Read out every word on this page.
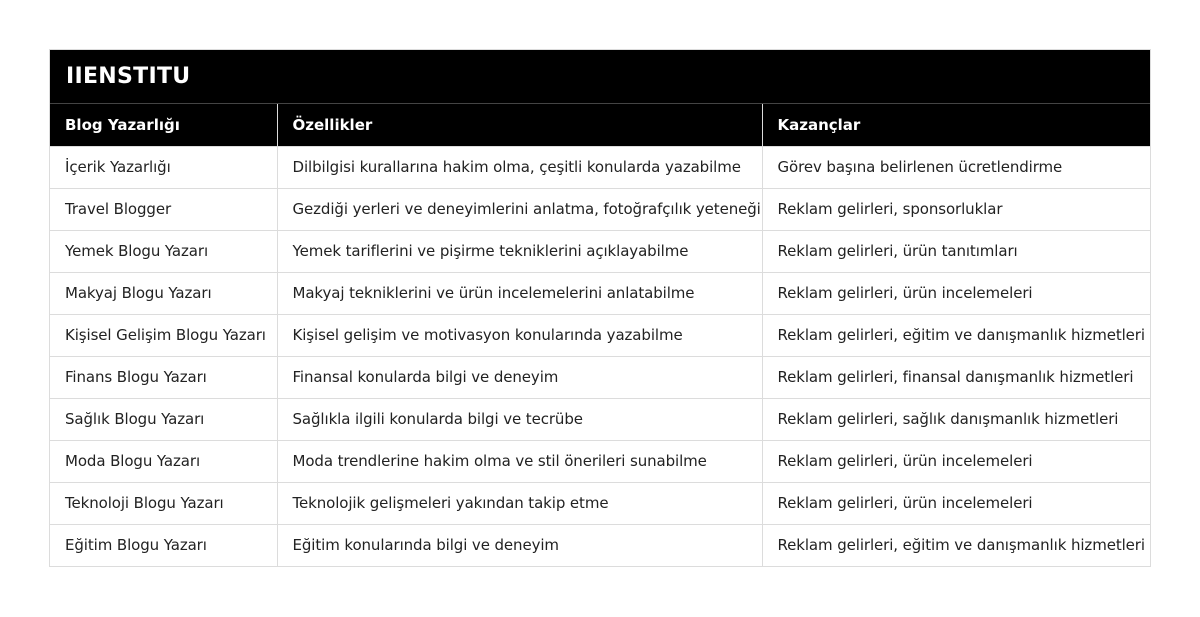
IIENSTITU
Blog Yazarlığı	Özellikler	Kazançlar
İçerik Yazarlığı	Dilbilgisi kurallarına hakim olma, çeşitli konularda yazabilme	Görev başına belirlenen ücretlendirme
Travel Blogger	Gezdiği yerleri ve deneyimlerini anlatma, fotoğrafçılık yeteneği	Reklam gelirleri, sponsorluklar
Yemek Blogu Yazarı	Yemek tariflerini ve pişirme tekniklerini açıklayabilme	Reklam gelirleri, ürün tanıtımları
Makyaj Blogu Yazarı	Makyaj tekniklerini ve ürün incelemelerini anlatabilme	Reklam gelirleri, ürün incelemeleri
Kişisel Gelişim Blogu Yazarı	Kişisel gelişim ve motivasyon konularında yazabilme	Reklam gelirleri, eğitim ve danışmanlık hizmetleri
Finans Blogu Yazarı	Finansal konularda bilgi ve deneyim	Reklam gelirleri, finansal danışmanlık hizmetleri
Sağlık Blogu Yazarı	Sağlıkla ilgili konularda bilgi ve tecrübe	Reklam gelirleri, sağlık danışmanlık hizmetleri
Moda Blogu Yazarı	Moda trendlerine hakim olma ve stil önerileri sunabilme	Reklam gelirleri, ürün incelemeleri
Teknoloji Blogu Yazarı	Teknolojik gelişmeleri yakından takip etme	Reklam gelirleri, ürün incelemeleri
Eğitim Blogu Yazarı	Eğitim konularında bilgi ve deneyim	Reklam gelirleri, eğitim ve danışmanlık hizmetleri
